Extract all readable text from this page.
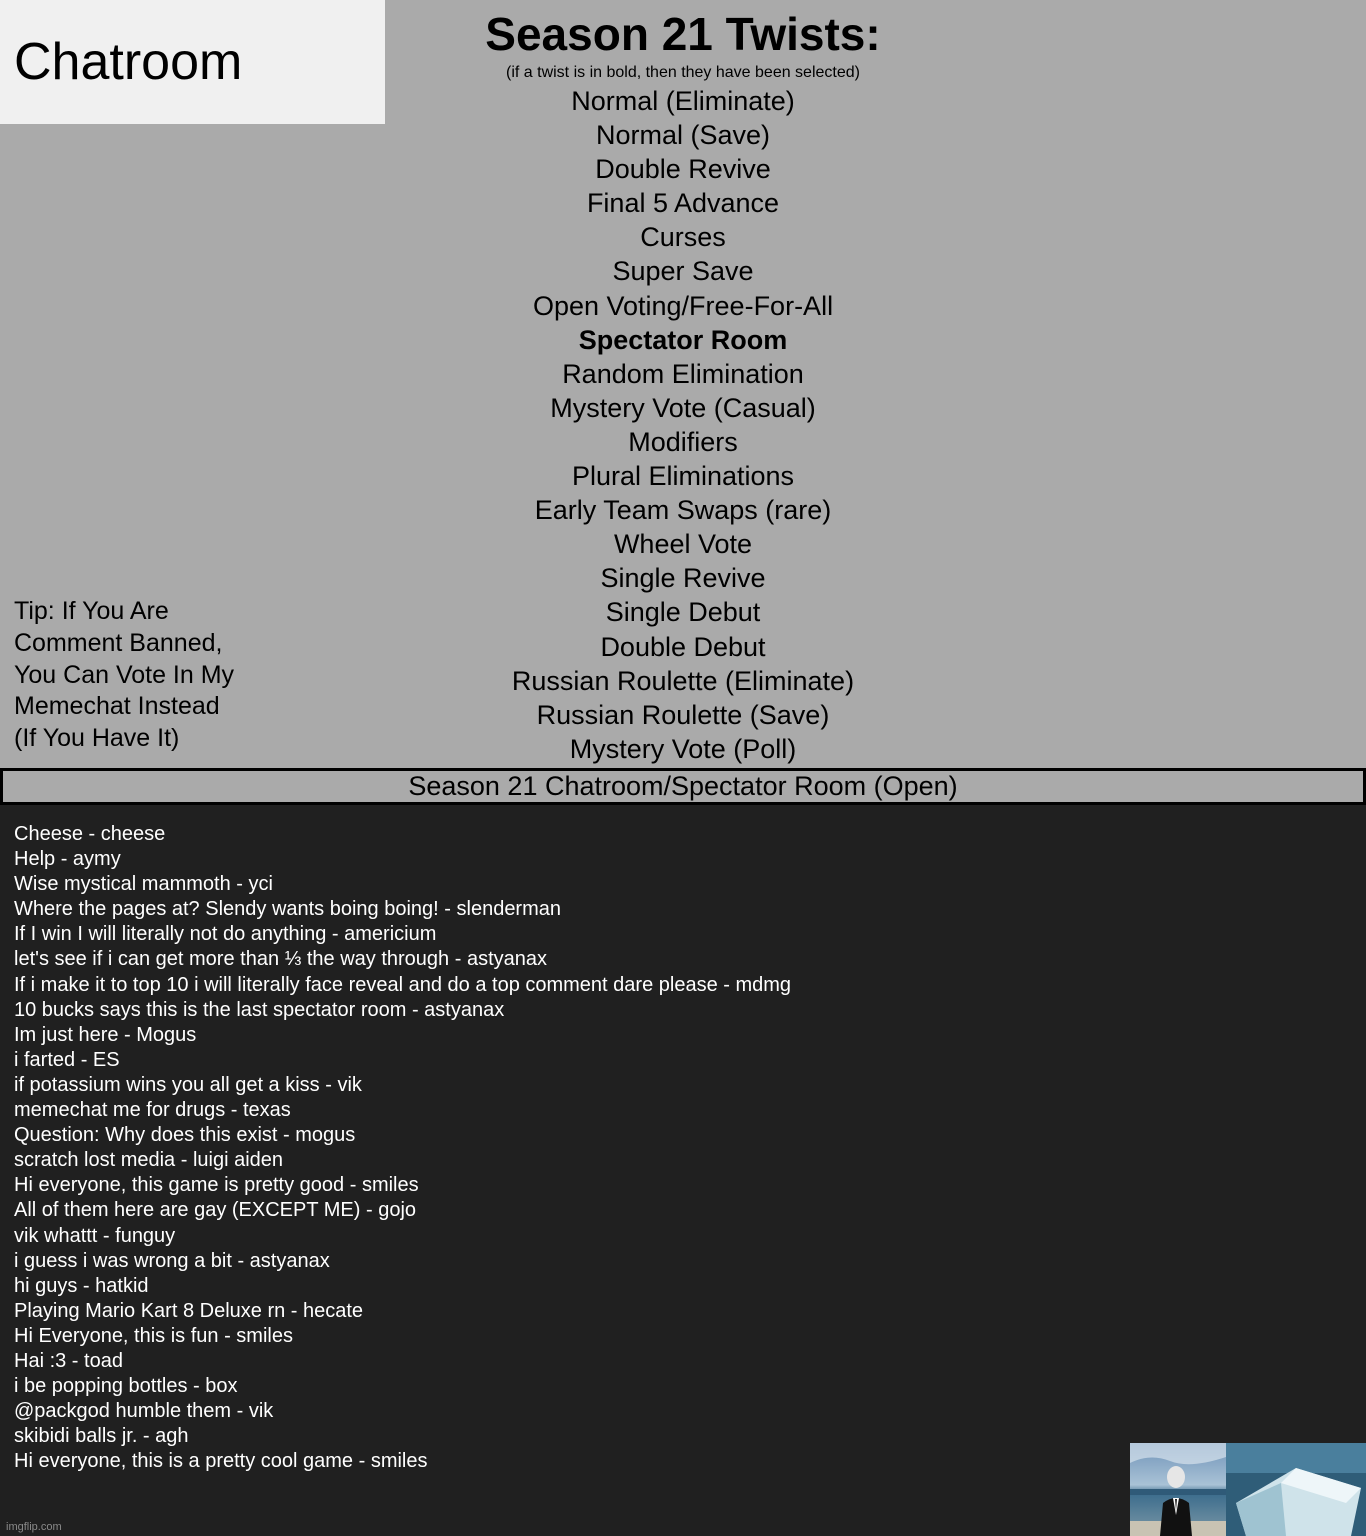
Chatroom	Season 21 Twists:
(if a twist is in bold, then they have been selected)
Normal (Eliminate)
Normal (Save)
Double Revive
Final 5 Advance
Curses
Super Save
Open Voting/Free-For-All
Spectator Room
Random Elimination
Mystery Vote (Casual)
Modifiers
Plural Eliminations
Early Team Swaps (rare)
Wheel Vote
Single Revive
Single Debut
Double Debut
Russian Roulette (Eliminate)
Russian Roulette (Save)
Mystery Vote (Poll)
Tip: If You Are
Comment Banned,
You Can Vote In My
Memechat Instead
(If You Have It)
Season 21 Chatroom/Spectator Room (Open)
Cheese - cheese
Help - aymy
Wise mystical mammoth - yci
Where the pages at? Slendy wants boing boing! - slenderman
If I win I will literally not do anything - americium
let's see if i can get more than ⅓ the way through - astyanax
If i make it to top 10 i will literally face reveal and do a top comment dare please - mdmg
10 bucks says this is the last spectator room - astyanax
Im just here - Mogus
i farted - ES
if potassium wins you all get a kiss - vik
memechat me for drugs - texas
Question: Why does this exist - mogus
scratch lost media - luigi aiden
Hi everyone, this game is pretty good - smiles
All of them here are gay (EXCEPT ME) - gojo
vik whattt - funguy
i guess i was wrong a bit - astyanax
hi guys - hatkid
Playing Mario Kart 8 Deluxe rn - hecate
Hi Everyone, this is fun - smiles
Hai :3 - toad
i be popping bottles - box
@packgod humble them - vik
skibidi balls jr. - agh
Hi everyone, this is a pretty cool game - smiles
imgflip.com
